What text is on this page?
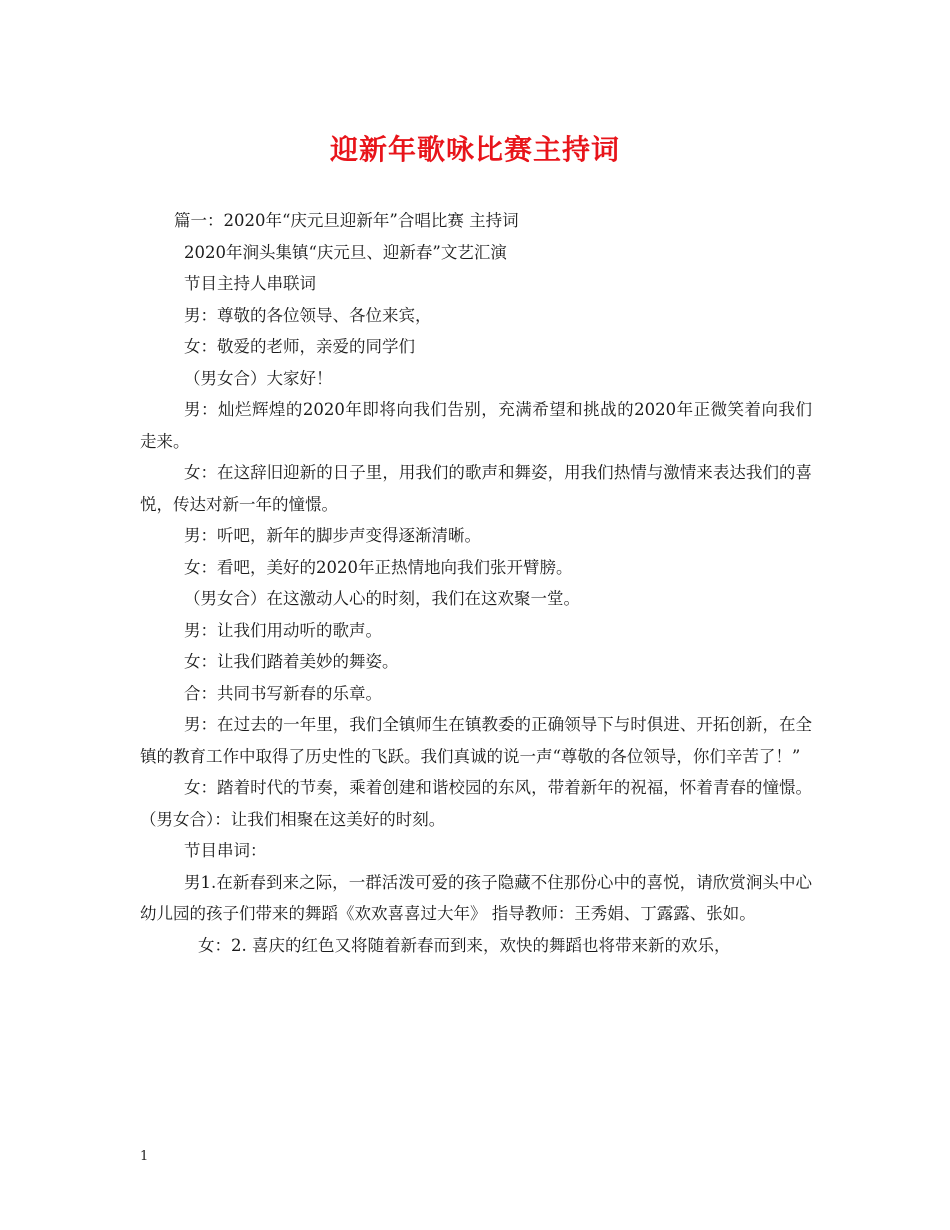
迎新年歌咏比赛主持词

篇一：2020年“庆元旦迎新年”合唱比赛 主持词

2020年涧头集镇“庆元旦、迎新春”文艺汇演

节目主持人串联词

男：尊敬的各位领导、各位来宾，

女：敬爱的老师，亲爱的同学们

（男女合）大家好！

男：灿烂辉煌的2020年即将向我们告别，充满希望和挑战的2020年正微笑着向我们走来。

女：在这辞旧迎新的日子里，用我们的歌声和舞姿，用我们热情与激情来表达我们的喜悦，传达对新一年的憧憬。

男：听吧，新年的脚步声变得逐渐清晰。

女：看吧，美好的2020年正热情地向我们张开臂膀。

（男女合）在这激动人心的时刻，我们在这欢聚一堂。

男：让我们用动听的歌声。

女：让我们踏着美妙的舞姿。

合：共同书写新春的乐章。

男：在过去的一年里，我们全镇师生在镇教委的正确领导下与时俱进、开拓创新，在全镇的教育工作中取得了历史性的飞跃。我们真诚的说一声“尊敬的各位领导，你们辛苦了！”

女：踏着时代的节奏，乘着创建和谐校园的东风，带着新年的祝福，怀着青春的憧憬。 （男女合）：让我们相聚在这美好的时刻。

节目串词：

男1.在新春到来之际，一群活泼可爱的孩子隐藏不住那份心中的喜悦，请欣赏涧头中心幼儿园的孩子们带来的舞蹈《欢欢喜喜过大年》 指导教师：王秀娟、丁露露、张如。

女：2. 喜庆的红色又将随着新春而到来，欢快的舞蹈也将带来新的欢乐，

1
